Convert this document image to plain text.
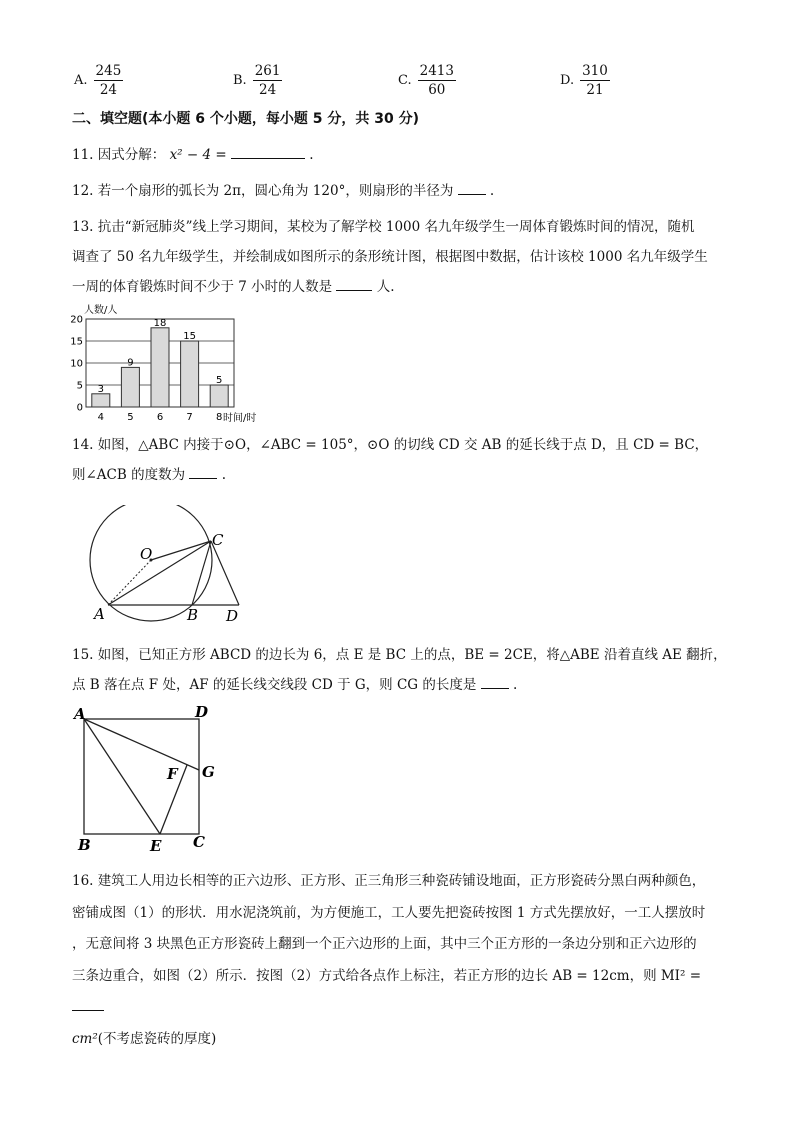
A. $\frac{245}{24}$	B. $\frac{261}{24}$	C. $\frac{2413}{60}$	D. $\frac{310}{21}$
二、填空题(本小题 6 个小题，每小题 5 分，共 30 分)
11. 因式分解： x² − 4 =	.
12. 若一个扇形的弧长为 2π，圆心角为 120°，则扇形的半径为	.
13. 抗击“新冠肺炎”线上学习期间，某校为了解学校 1000 名九年级学生一周体育锻炼时间的情况，随机
调查了 50 名九年级学生，并绘制成如图所示的条形统计图，根据图中数据，估计该校 1000 名九年级学生
一周的体育锻炼时间不少于 7 小时的人数是	人.
人数/人
3
9
18
15
5
0
5
10
15
20
4 5 6 7 8 时间/时
14. 如图，△ABC 内接于⊙O，∠ABC = 105°，⊙O 的切线 CD 交 AB 的延长线于点 D，且 CD = BC，
则∠ACB 的度数为	.
O
C
A	B D
15. 如图，已知正方形 ABCD 的边长为 6，点 E 是 BC 上的点，BE = 2CE，将△ABE 沿着直线 AE 翻折，
点 B 落在点 F 处，AF 的延长线交线段 CD 于 G，则 CG 的长度是	.
A	D
G
F
B	E C
16. 建筑工人用边长相等的正六边形、正方形、正三角形三种瓷砖铺设地面，正方形瓷砖分黑白两种颜色，
密铺成图（1）的形状．用水泥浇筑前，为方便施工，工人要先把瓷砖按图 1 方式先摆放好，一工人摆放时
，无意间将 3 块黑色正方形瓷砖上翻到一个正六边形的上面，其中三个正方形的一条边分别和正六边形的
三条边重合，如图（2）所示．按图（2）方式给各点作上标注，若正方形的边长 AB = 12cm，则 MI² =
cm²(不考虑瓷砖的厚度)
